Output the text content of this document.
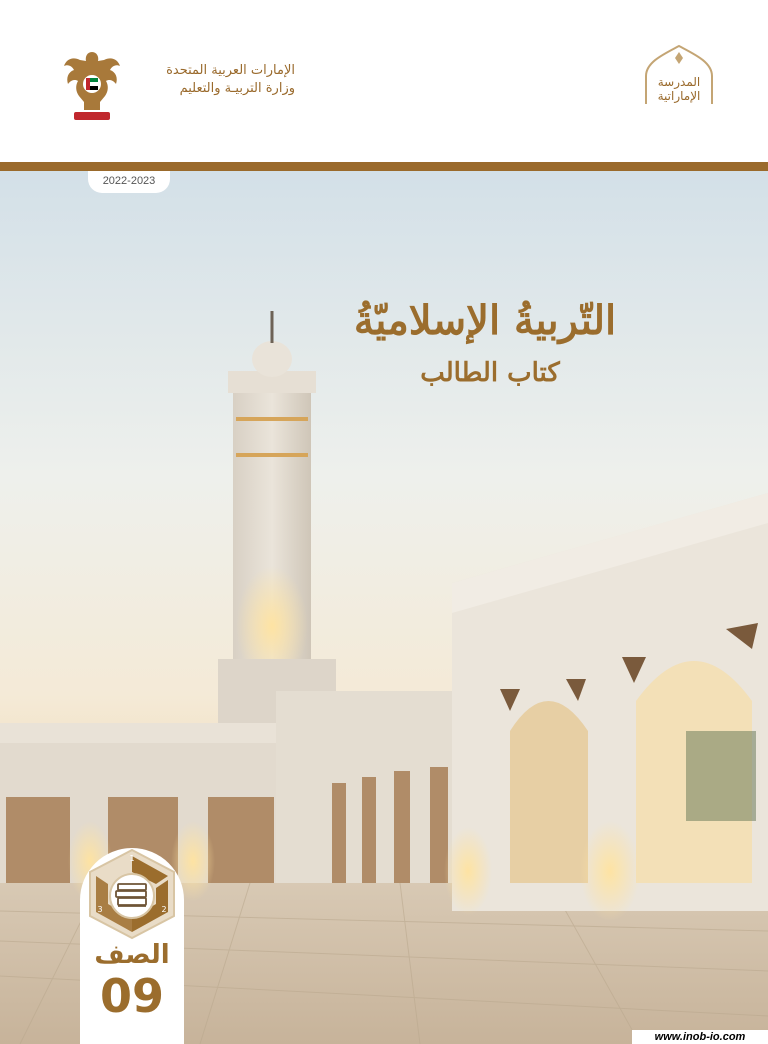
الإمارات العربية المتحدة
وزارة التربيـة والتعليم	المدرسة
الإماراتية
2022-2023
التّربيةُ الإسلاميّةُ
كتاب الطالب
1
2
3
الصف
09
www.inob-io.com
